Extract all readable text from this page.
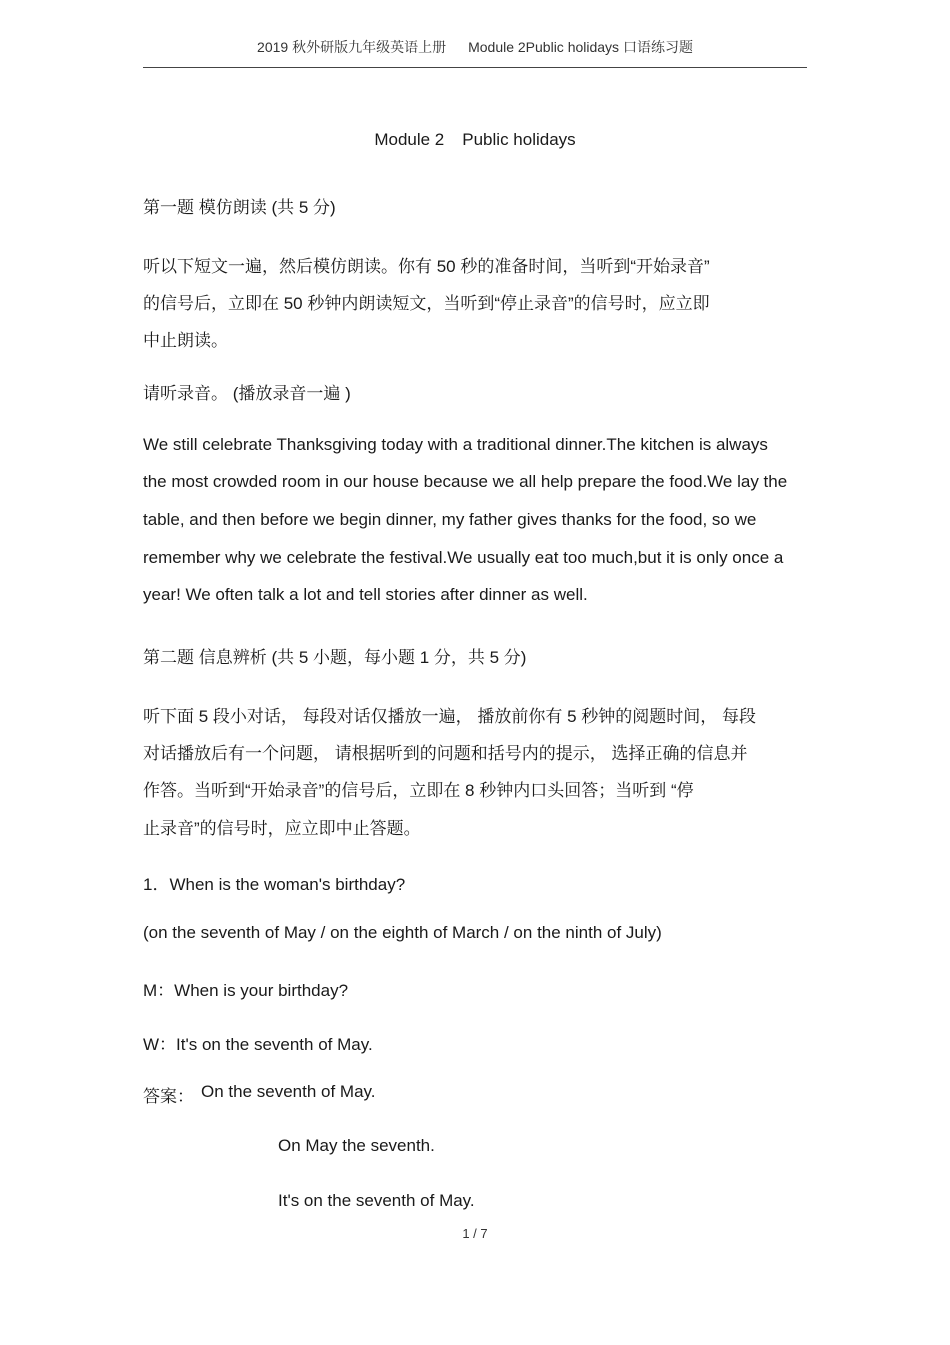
2019 秋外研版九年级英语上册 Module 2Public holidays 口语练习题
Module 2 Public holidays
第一题 模仿朗读 (共 5 分)
听以下短文一遍，然后模仿朗读。你有 50 秒的准备时间，当听到“开始录音”
的信号后，立即在 50 秒钟内朗读短文，当听到“停止录音”的信号时，应立即
中止朗读。
请听录音。 (播放录音一遍 )
We still celebrate Thanksgiving today with a traditional dinner.The kitchen is always
the most crowded room in our house because we all help prepare the food.We lay the
table, and then before we begin dinner, my father gives thanks for the food, so we
remember why we celebrate the festival.We usually eat too much,but it is only once a
year! We often talk a lot and tell stories after dinner as well.
第二题 信息辨析 (共 5 小题，每小题 1 分，共 5 分)
听下面 5 段小对话， 每段对话仅播放一遍， 播放前你有 5 秒钟的阅题时间， 每段
对话播放后有一个问题， 请根据听到的问题和括号内的提示， 选择正确的信息并
作答。当听到“开始录音”的信号后，立即在 8 秒钟内口头回答；当听到 “停
止录音”的信号时，应立即中止答题。
1．When is the woman's birthday?
(on the seventh of May / on the eighth of March / on the ninth of July)
M：When is your birthday?
W：It's on the seventh of May.
答案： On the seventh of May.
On May the seventh.
It's on the seventh of May.
1 / 7
